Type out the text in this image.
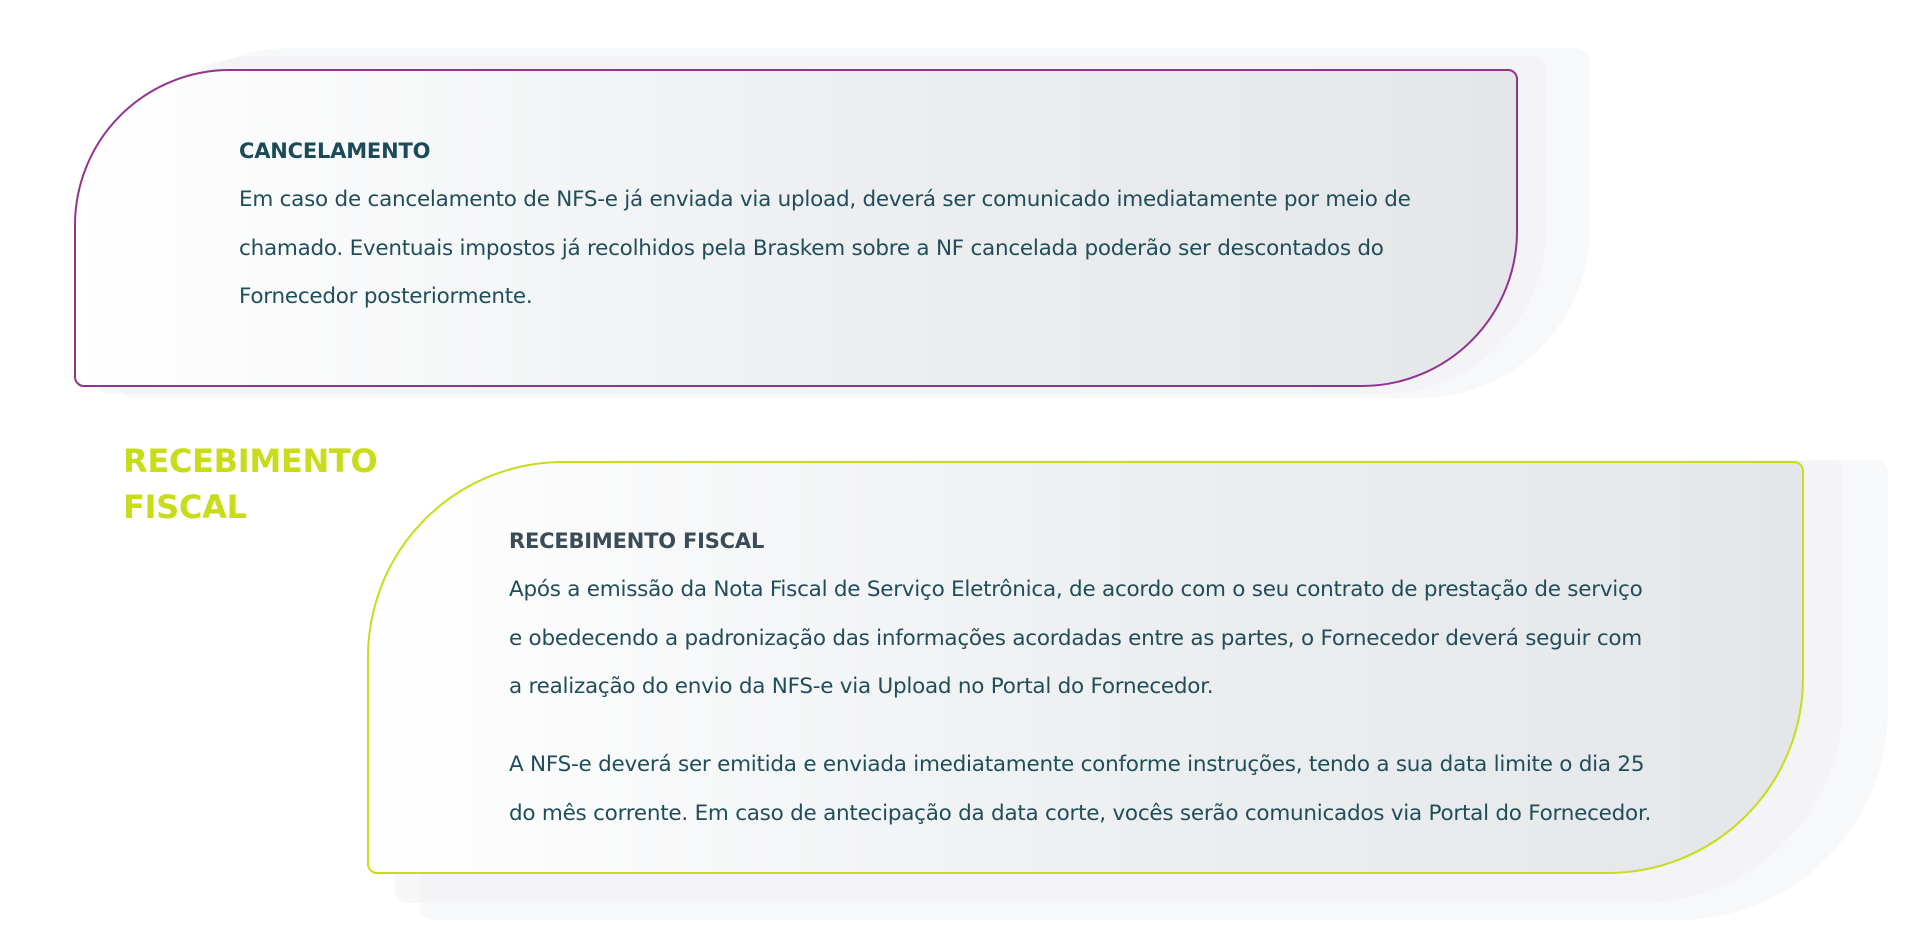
CANCELAMENTO

Em caso de cancelamento de NFS-e já enviada via upload, deverá ser comunicado imediatamente por meio de
chamado. Eventuais impostos já recolhidos pela Braskem sobre a NF cancelada poderão ser descontados do
Fornecedor posteriormente.

RECEBIMENTO
FISCAL
RECEBIMENTO FISCAL

Após a emissão da Nota Fiscal de Serviço Eletrônica, de acordo com o seu contrato de prestação de serviço
e obedecendo a padronização das informações acordadas entre as partes, o Fornecedor deverá seguir com
a realização do envio da NFS-e via Upload no Portal do Fornecedor.

A NFS-e deverá ser emitida e enviada imediatamente conforme instruções, tendo a sua data limite o dia 25
do mês corrente. Em caso de antecipação da data corte, vocês serão comunicados via Portal do Fornecedor.
